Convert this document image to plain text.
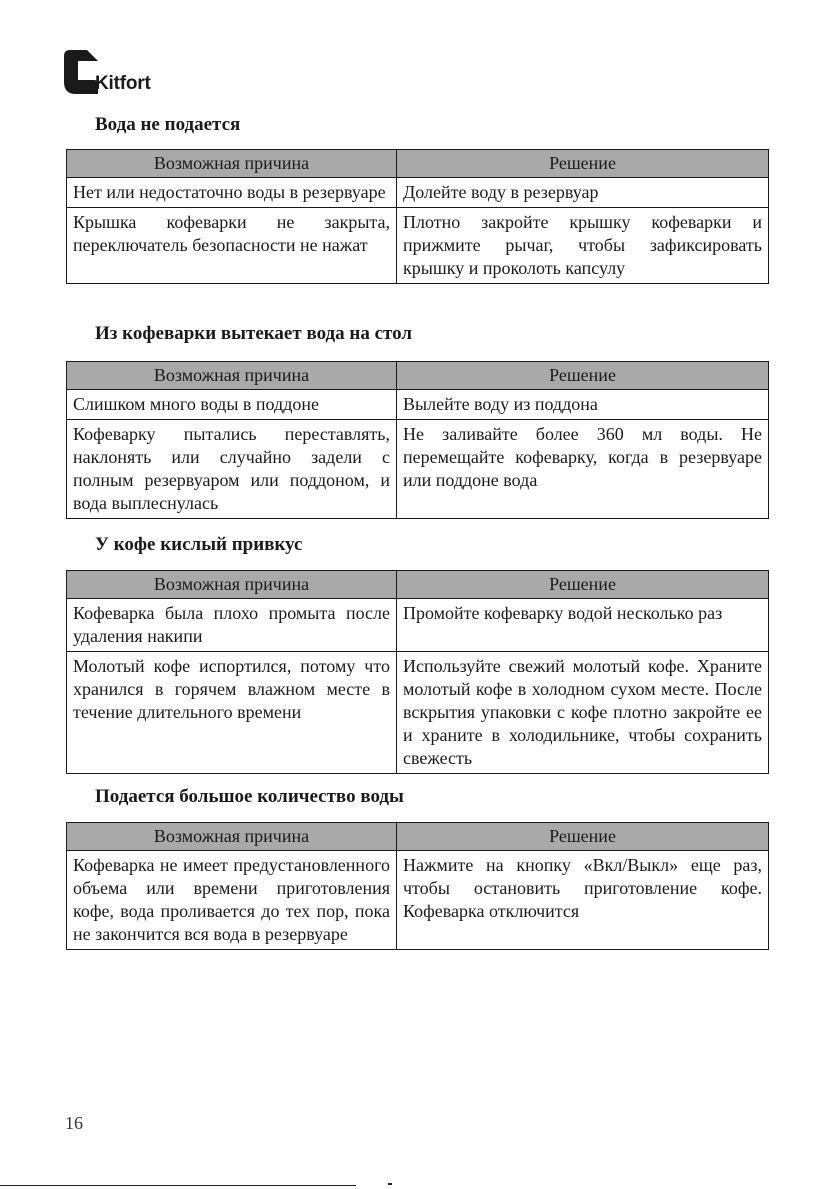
Kitfort
Вода не подается
Возможная причина	Решение
Нет или недостаточно воды в резервуаре	Долейте воду в резервуар
Крышка кофеварки не закрыта, переключатель безопасности не нажат	Плотно закройте крышку кофеварки и прижмите рычаг, чтобы зафиксировать крышку и проколоть капсулу
Из кофеварки вытекает вода на стол
Возможная причина	Решение
Слишком много воды в поддоне	Вылейте воду из поддона
Кофеварку пытались переставлять, наклонять или случайно задели с полным резервуаром или поддоном, и вода выплеснулась	Не заливайте более 360 мл воды. Не перемещайте кофеварку, когда в резервуаре или поддоне вода
У кофе кислый привкус
Возможная причина	Решение
Кофеварка была плохо промыта после удаления накипи	Промойте кофеварку водой несколько раз
Молотый кофе испортился, потому что хранился в горячем влажном месте в течение длительного времени	Используйте свежий молотый кофе. Храните молотый кофе в холодном сухом месте. После вскрытия упаковки с кофе плотно закройте ее и храните в холодильнике, чтобы сохранить свежесть
Подается большое количество воды
Возможная причина	Решение
Кофеварка не имеет предустановленного объема или времени приготовления кофе, вода проливается до тех пор, пока не закончится вся вода в резервуаре	Нажмите на кнопку «Вкл/Выкл» еще раз, чтобы остановить приготовление кофе. Кофеварка отключится
16
